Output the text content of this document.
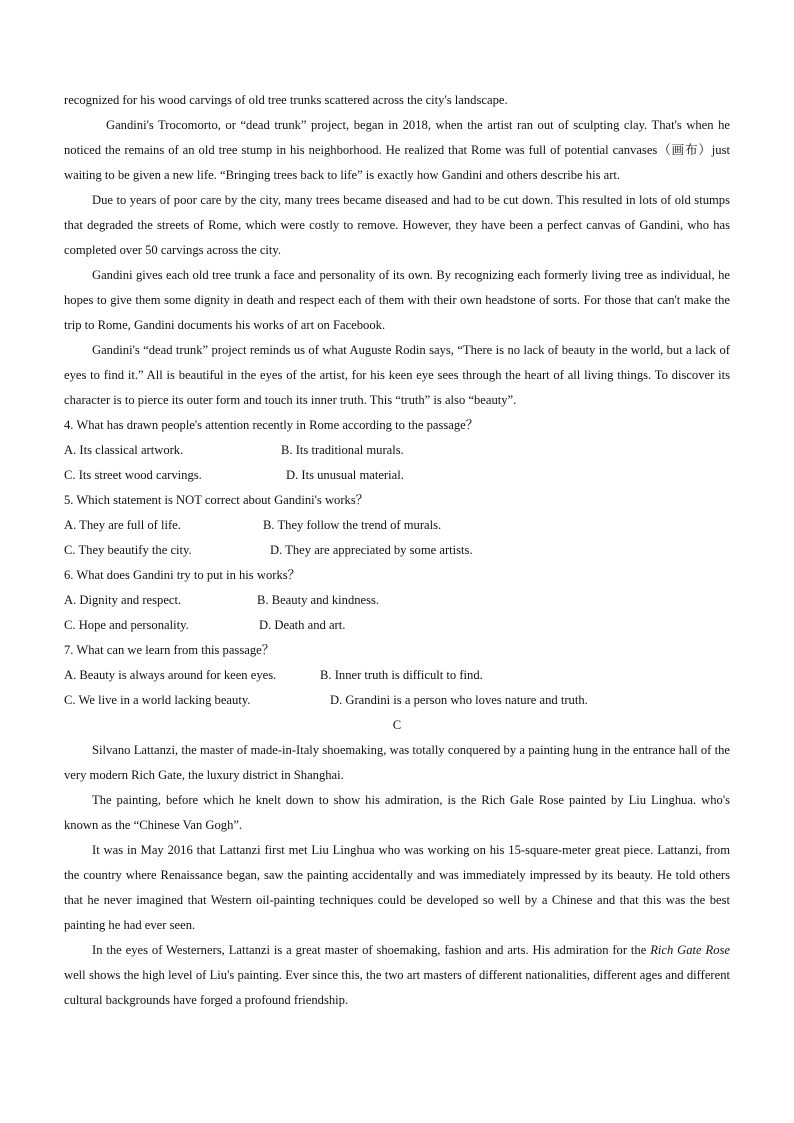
recognized for his wood carvings of old tree trunks scattered across the city's landscape.

Gandini's Trocomorto, or “dead trunk” project, began in 2018, when the artist ran out of sculpting clay. That's when he noticed the remains of an old tree stump in his neighborhood. He realized that Rome was full of potential canvases（画布）just waiting to be given a new life. “Bringing trees back to life” is exactly how Gandini and others describe his art.

Due to years of poor care by the city, many trees became diseased and had to be cut down. This resulted in lots of old stumps that degraded the streets of Rome, which were costly to remove. However, they have been a perfect canvas of Gandini, who has completed over 50 carvings across the city.

Gandini gives each old tree trunk a face and personality of its own. By recognizing each formerly living tree as individual, he hopes to give them some dignity in death and respect each of them with their own headstone of sorts. For those that can't make the trip to Rome, Gandini documents his works of art on Facebook.

Gandini's “dead trunk” project reminds us of what Auguste Rodin says, “There is no lack of beauty in the world, but a lack of eyes to find it.” All is beautiful in the eyes of the artist, for his keen eye sees through the heart of all living things. To discover its character is to pierce its outer form and touch its inner truth. This “truth” is also “beauty”.

4. What has drawn people's attention recently in Rome according to the passage？

A. Its classical artwork.	B. Its traditional murals.
C. Its street wood carvings.	D. Its unusual material.

5. Which statement is NOT correct about Gandini's works？

A. They are full of life.	B. They follow the trend of murals.
C. They beautify the city.	D. They are appreciated by some artists.

6. What does Gandini try to put in his works？

A. Dignity and respect.	B. Beauty and kindness.
C. Hope and personality.	D. Death and art.

7. What can we learn from this passage？

A. Beauty is always around for keen eyes.	B. Inner truth is difficult to find.
C. We live in a world lacking beauty.	D. Grandini is a person who loves nature and truth.

C

Silvano Lattanzi, the master of made-in-Italy shoemaking, was totally conquered by a painting hung in the entrance hall of the very modern Rich Gate, the luxury district in Shanghai.

The painting, before which he knelt down to show his admiration, is the Rich Gale Rose painted by Liu Linghua. who's known as the “Chinese Van Gogh”.

It was in May 2016 that Lattanzi first met Liu Linghua who was working on his 15-square-meter great piece. Lattanzi, from the country where Renaissance began, saw the painting accidentally and was immediately impressed by its beauty. He told others that he never imagined that Western oil-painting techniques could be developed so well by a Chinese and that this was the best painting he had ever seen.

In the eyes of Westerners, Lattanzi is a great master of shoemaking, fashion and arts. His admiration for the Rich Gate Rose well shows the high level of Liu's painting. Ever since this, the two art masters of different nationalities, different ages and different cultural backgrounds have forged a profound friendship.
